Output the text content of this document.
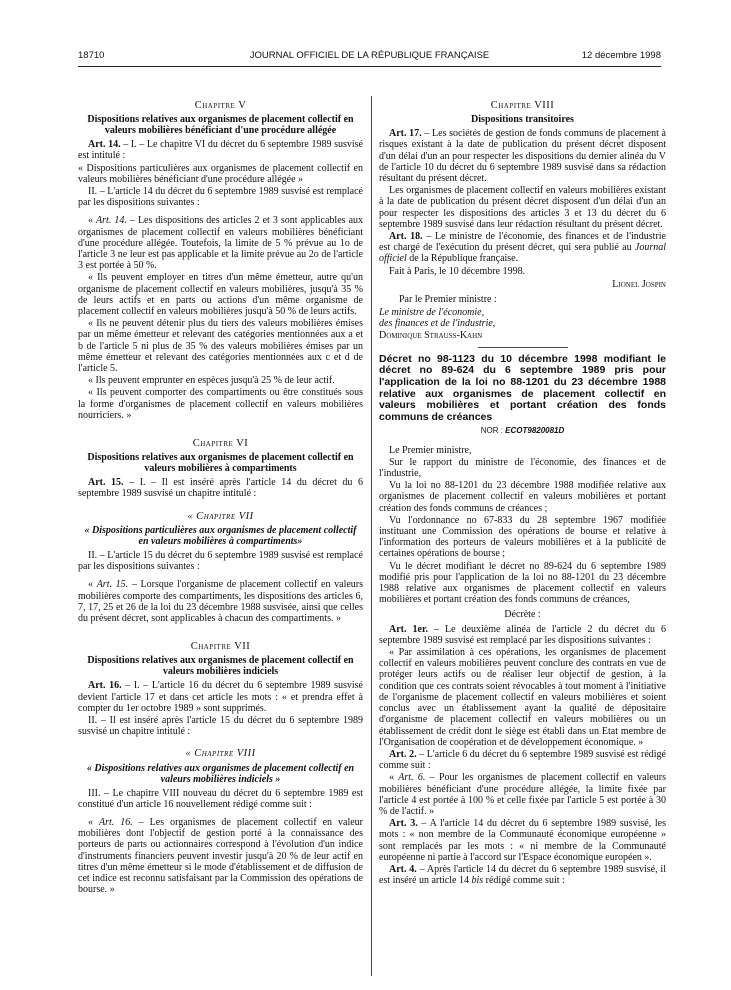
18710	JOURNAL OFFICIEL DE LA RÉPUBLIQUE FRANÇAISE	12 décembre 1998
Chapitre V
Dispositions relatives aux organismes de placement collectif en valeurs mobilières bénéficiant d'une procédure allégée

Art. 14. – I. – Le chapitre VI du décret du 6 septembre 1989 susvisé est intitulé :

« Dispositions particulières aux organismes de placement collectif en valeurs mobilières bénéficiant d'une procédure allégée »

II. – L'article 14 du décret du 6 septembre 1989 susvisé est remplacé par les dispositions suivantes :

« Art. 14. – Les dispositions des articles 2 et 3 sont applicables aux organismes de placement collectif en valeurs mobilières bénéficiant d'une procédure allégée. Toutefois, la limite de 5 % prévue au 1o de l'article 3 ne leur est pas applicable et la limite prévue au 2o de l'article 3 est portée à 50 %.

« Ils peuvent employer en titres d'un même émetteur, autre qu'un organisme de placement collectif en valeurs mobilières, jusqu'à 35 % de leurs actifs et en parts ou actions d'un même organisme de placement collectif en valeurs mobilières jusqu'à 50 % de leurs actifs.

« Ils ne peuvent détenir plus du tiers des valeurs mobilières émises par un même émetteur et relevant des catégories mentionnées aux a et b de l'article 5 ni plus de 35 % des valeurs mobilières émises par un même émetteur et relevant des catégories mentionnées aux c et d de l'article 5.

« Ils peuvent emprunter en espèces jusqu'à 25 % de leur actif.

« Ils peuvent comporter des compartiments ou être constitués sous la forme d'organismes de placement collectif en valeurs mobilières nourriciers. »

Chapitre VI
Dispositions relatives aux organismes de placement collectif en valeurs mobilières à compartiments

Art. 15. – I. – Il est inséré après l'article 14 du décret du 6 septembre 1989 susvisé un chapitre intitulé :

« Chapitre VII
« Dispositions particulières aux organismes de placement collectif en valeurs mobilières à compartiments»

II. – L'article 15 du décret du 6 septembre 1989 susvisé est remplacé par les dispositions suivantes :

« Art. 15. – Lorsque l'organisme de placement collectif en valeurs mobilières comporte des compartiments, les dispositions des articles 6, 7, 17, 25 et 26 de la loi du 23 décembre 1988 susvisée, ainsi que celles du présent décret, sont applicables à chacun des compartiments. »

Chapitre VII
Dispositions relatives aux organismes de placement collectif en valeurs mobilières indiciels

Art. 16. – I. – L'article 16 du décret du 6 septembre 1989 susvisé devient l'article 17 et dans cet article les mots : « et prendra effet à compter du 1er octobre 1989 » sont supprimés.

II. – Il est inséré après l'article 15 du décret du 6 septembre 1989 susvisé un chapitre intitulé :

« Chapitre VIII
« Dispositions relatives aux organismes de placement collectif en valeurs mobilières indiciels »

III. – Le chapitre VIII nouveau du décret du 6 septembre 1989 est constitué d'un article 16 nouvellement rédigé comme suit :

« Art. 16. – Les organismes de placement collectif en valeur mobilières dont l'objectif de gestion porté à la connaissance des porteurs de parts ou actionnaires correspond à l'évolution d'un indice d'instruments financiers peuvent investir jusqu'à 20 % de leur actif en titres d'un même émetteur si le mode d'établissement et de diffusion de cet indice est reconnu satisfaisant par la Commission des opérations de bourse. »

Chapitre VIII
Dispositions transitoires

Art. 17. – Les sociétés de gestion de fonds communs de placement à risques existant à la date de publication du présent décret disposent d'un délai d'un an pour respecter les dispositions du dernier alinéa du V de l'article 10 du décret du 6 septembre 1989 susvisé dans sa rédaction résultant du présent décret.

Les organismes de placement collectif en valeurs mobilières existant à la date de publication du présent décret disposent d'un délai d'un an pour respecter les dispositions des articles 3 et 13 du décret du 6 septembre 1989 susvisé dans leur rédaction résultant du présent décret.

Art. 18. – Le ministre de l'économie, des finances et de l'industrie est chargé de l'exécution du présent décret, qui sera publié au Journal officiel de la République française.

Fait à Paris, le 10 décembre 1998.

Lionel Jospin
Par le Premier ministre :
Le ministre de l'économie,
des finances et de l'industrie,
Dominique Strauss-Kahn
Décret no 98-1123 du 10 décembre 1998 modifiant le décret no 89-624 du 6 septembre 1989 pris pour l'application de la loi no 88-1201 du 23 décembre 1988 relative aux organismes de placement collectif en valeurs mobilières et portant création des fonds communs de créances
NOR : ECOT9820081D

Le Premier ministre,

Sur le rapport du ministre de l'économie, des finances et de l'industrie,

Vu la loi no 88-1201 du 23 décembre 1988 modifiée relative aux organismes de placement collectif en valeurs mobilières et portant création des fonds communs de créances ;

Vu l'ordonnance no 67-833 du 28 septembre 1967 modifiée instituant une Commission des opérations de bourse et relative à l'information des porteurs de valeurs mobilières et à la publicité de certaines opérations de bourse ;

Vu le décret modifiant le décret no 89-624 du 6 septembre 1989 modifié pris pour l'application de la loi no 88-1201 du 23 décembre 1988 relative aux organismes de placement collectif en valeurs mobilières et portant création des fonds communs de créances,

Décrète :

Art. 1er. – Le deuxième alinéa de l'article 2 du décret du 6 septembre 1989 susvisé est remplacé par les dispositions suivantes :

« Par assimilation à ces opérations, les organismes de placement collectif en valeurs mobilières peuvent conclure des contrats en vue de protéger leurs actifs ou de réaliser leur objectif de gestion, à la condition que ces contrats soient révocables à tout moment à l'initiative de l'organisme de placement collectif en valeurs mobilières et soient conclus avec un établissement ayant la qualité de dépositaire d'organisme de placement collectif en valeurs mobilières ou un établissement de crédit dont le siège est établi dans un Etat membre de l'Organisation de coopération et de développement économique. »

Art. 2. – L'article 6 du décret du 6 septembre 1989 susvisé est rédigé comme suit :

« Art. 6. – Pour les organismes de placement collectif en valeurs mobilières bénéficiant d'une procédure allégée, la limite fixée par l'article 4 est portée à 100 % et celle fixée par l'article 5 est portée à 30 % de l'actif. »

Art. 3. – A l'article 14 du décret du 6 septembre 1989 susvisé, les mots : « non membre de la Communauté économique européenne » sont remplacés par les mots : « ni membre de la Communauté européenne ni partie à l'accord sur l'Espace économique européen ».

Art. 4. – Après l'article 14 du décret du 6 septembre 1989 susvisé, il est inséré un article 14 bis rédigé comme suit :
